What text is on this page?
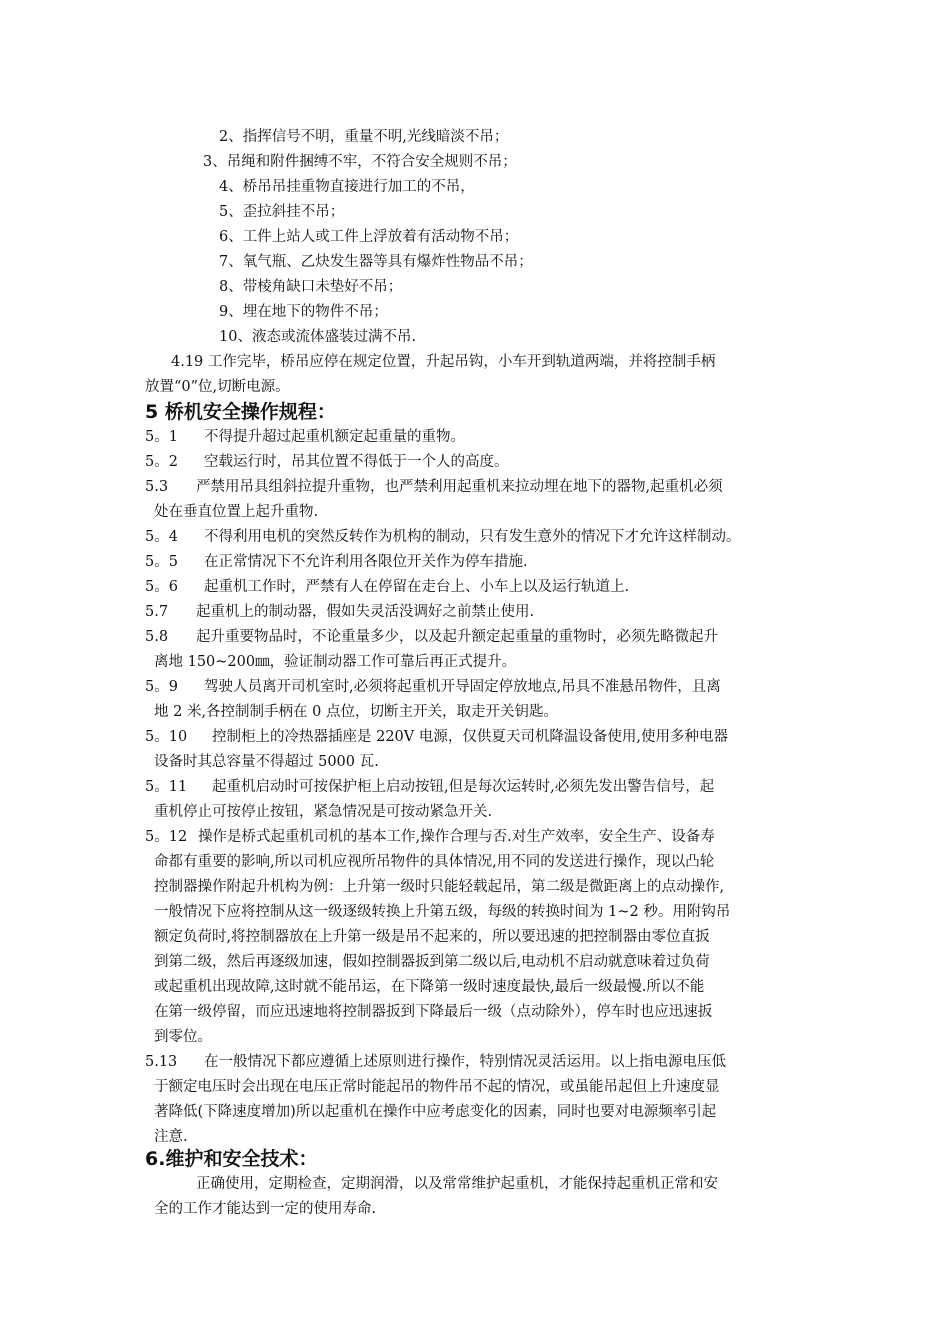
2、指挥信号不明，重量不明,光线暗淡不吊；
3、吊绳和附件捆缚不牢，不符合安全规则不吊；
4、桥吊吊挂重物直接进行加工的不吊，
5、歪拉斜挂不吊；
6、工件上站人或工件上浮放着有活动物不吊；
7、氧气瓶、乙炔发生器等具有爆炸性物品不吊；
8、带棱角缺口未垫好不吊；
9、埋在地下的物件不吊；
10、液态或流体盛装过满不吊.
4.19 工作完毕，桥吊应停在规定位置，升起吊钩，小车开到轨道两端，并将控制手柄
放置“0”位,切断电源。
5 桥机安全操作规程：
5。1 不得提升超过起重机额定起重量的重物。
5。2 空载运行时，吊其位置不得低于一个人的高度。
5.3 严禁用吊具组斜拉提升重物，也严禁利用起重机来拉动埋在地下的器物,起重机必须
处在垂直位置上起升重物.
5。4 不得利用电机的突然反转作为机构的制动，只有发生意外的情况下才允许这样制动。
5。5 在正常情况下不允许利用各限位开关作为停车措施.
5。6 起重机工作时，严禁有人在停留在走台上、小车上以及运行轨道上.
5.7 起重机上的制动器，假如失灵活没调好之前禁止使用.
5.8 起升重要物品时，不论重量多少，以及起升额定起重量的重物时，必须先略微起升
离地 150~200㎜，验证制动器工作可靠后再正式提升。
5。9 驾驶人员离开司机室时,必须将起重机开导固定停放地点,吊具不准悬吊物件，且离
地 2 米,各控制制手柄在 0 点位，切断主开关，取走开关钥匙。
5。10 控制柜上的冷热器插座是 220V 电源，仅供夏天司机降温设备使用,使用多种电器
设备时其总容量不得超过 5000 瓦.
5。11 起重机启动时可按保护柜上启动按钮,但是每次运转时,必须先发出警告信号，起
重机停止可按停止按钮，紧急情况是可按动紧急开关.
5。12 操作是桥式起重机司机的基本工作,操作合理与否.对生产效率，安全生产、设备寿
命都有重要的影响,所以司机应视所吊物件的具体情况,用不同的发送进行操作，现以凸轮
控制器操作附起升机构为例：上升第一级时只能轻载起吊，第二级是微距离上的点动操作,
一般情况下应将控制从这一级逐级转换上升第五级，每级的转换时间为 1~2 秒。用附钩吊
额定负荷时,将控制器放在上升第一级是吊不起来的，所以要迅速的把控制器由零位直扳
到第二级，然后再逐级加速，假如控制器扳到第二级以后,电动机不启动就意味着过负荷
或起重机出现故障,这时就不能吊运，在下降第一级时速度最快,最后一级最慢.所以不能
在第一级停留，而应迅速地将控制器扳到下降最后一级（点动除外），停车时也应迅速扳
到零位。
5.13 在一般情况下都应遵循上述原则进行操作，特别情况灵活运用。以上指电源电压低
于额定电压时会出现在电压正常时能起吊的物件吊不起的情况，或虽能吊起但上升速度显
著降低(下降速度增加)所以起重机在操作中应考虑变化的因素，同时也要对电源频率引起
注意.
6.维护和安全技术：
正确使用，定期检查，定期润滑，以及常常维护起重机，才能保持起重机正常和安
全的工作才能达到一定的使用寿命.
